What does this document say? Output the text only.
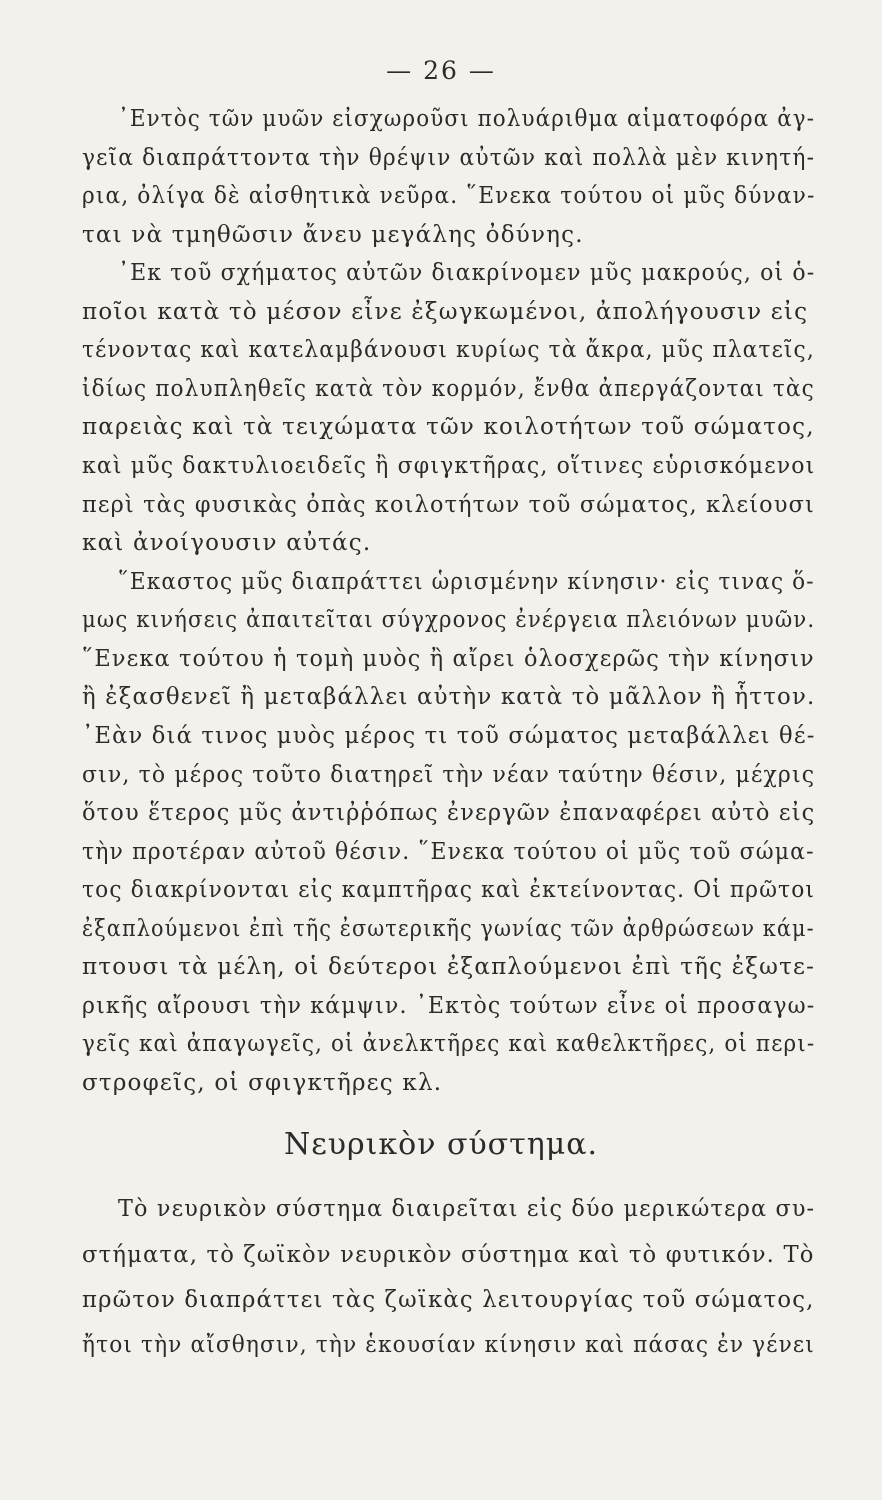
— 26 —
᾿Εντὸς τῶν μυῶν εἰσχωροῦσι πολυάριθμα αἱματοφόρα ἀγ-
γεῖα διαπράττοντα τὴν θρέψιν αὐτῶν καὶ πολλὰ μὲν κινητή-
ρια, ὀλίγα δὲ αἰσθητικὰ νεῦρα. ῞Ενεκα τούτου οἱ μῦς δύναν-
ται νὰ τμηθῶσιν ἄνευ μεγάλης ὀδύνης.
᾿Εκ τοῦ σχήματος αὐτῶν διακρίνομεν μῦς μακρούς, οἱ ὁ-
ποῖοι κατὰ τὸ μέσον εἶνε ἐξωγκωμένοι, ἀπολήγουσιν εἰς
τένοντας καὶ κατελαμβάνουσι κυρίως τὰ ἄκρα, μῦς πλατεῖς,
ἰδίως πολυπληθεῖς κατὰ τὸν κορμόν, ἔνθα ἀπεργάζονται τὰς
παρειὰς καὶ τὰ τειχώματα τῶν κοιλοτήτων τοῦ σώματος,
καὶ μῦς δακτυλιοειδεῖς ἢ σφιγκτῆρας, οἵτινες εὑρισκόμενοι
περὶ τὰς φυσικὰς ὀπὰς κοιλοτήτων τοῦ σώματος, κλείουσι
καὶ ἀνοίγουσιν αὐτάς.
῞Εκαστος μῦς διαπράττει ὡρισμένην κίνησιν· εἰς τινας ὅ-
μως κινήσεις ἀπαιτεῖται σύγχρονος ἐνέργεια πλειόνων μυῶν.
῞Ενεκα τούτου ἡ τομὴ μυὸς ἢ αἴρει ὁλοσχερῶς τὴν κίνησιν
ἢ ἐξασθενεῖ ἢ μεταβάλλει αὐτὴν κατὰ τὸ μᾶλλον ἢ ἧττον.
᾿Εὰν διά τινος μυὸς μέρος τι τοῦ σώματος μεταβάλλει θέ-
σιν, τὸ μέρος τοῦτο διατηρεῖ τὴν νέαν ταύτην θέσιν, μέχρις
ὅτου ἕτερος μῦς ἀντιῤῥόπως ἐνεργῶν ἐπαναφέρει αὐτὸ εἰς
τὴν προτέραν αὐτοῦ θέσιν. ῞Ενεκα τούτου οἱ μῦς τοῦ σώμα-
τος διακρίνονται εἰς καμπτῆρας καὶ ἐκτείνοντας. Οἱ πρῶτοι
ἐξαπλούμενοι ἐπὶ τῆς ἐσωτερικῆς γωνίας τῶν ἀρθρώσεων κάμ-
πτουσι τὰ μέλη, οἱ δεύτεροι ἐξαπλούμενοι ἐπὶ τῆς ἐξωτε-
ρικῆς αἴρουσι τὴν κάμψιν. ᾿Εκτὸς τούτων εἶνε οἱ προσαγω-
γεῖς καὶ ἀπαγωγεῖς, οἱ ἀνελκτῆρες καὶ καθελκτῆρες, οἱ περι-
στροφεῖς, οἱ σφιγκτῆρες κλ.
Νευρικὸν σύστημα.
Τὸ νευρικὸν σύστημα διαιρεῖται εἰς δύο μερικώτερα συ-
στήματα, τὸ ζωϊκὸν νευρικὸν σύστημα καὶ τὸ φυτικόν. Τὸ
πρῶτον διαπράττει τὰς ζωϊκὰς λειτουργίας τοῦ σώματος,
ἤτοι τὴν αἴσθησιν, τὴν ἑκουσίαν κίνησιν καὶ πάσας ἐν γένει
